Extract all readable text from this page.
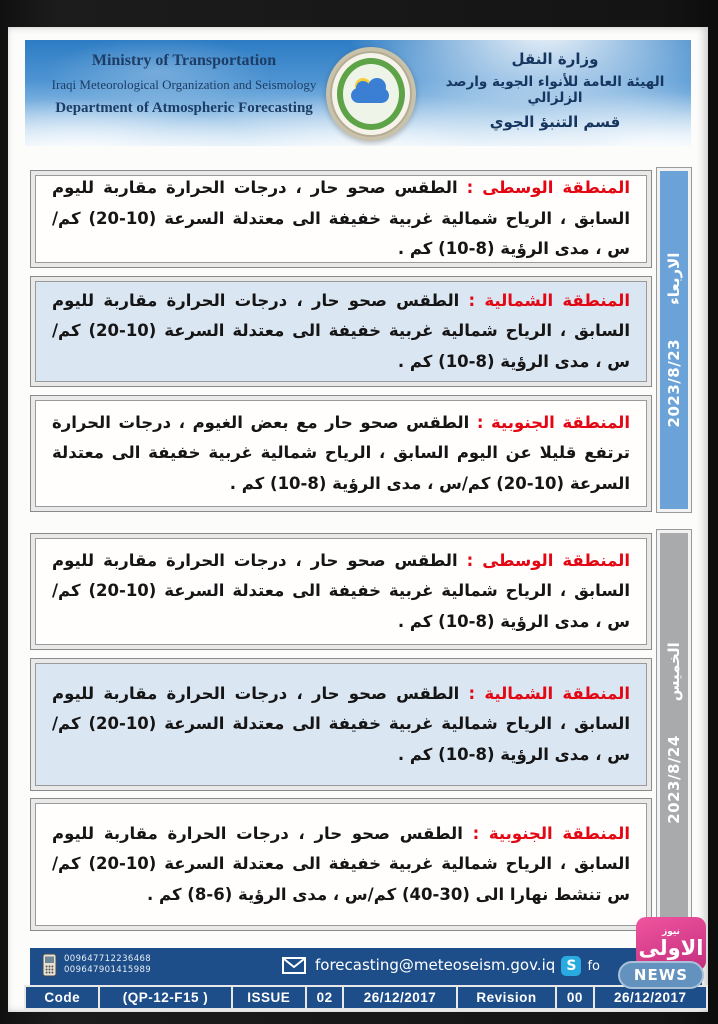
Ministry of Transportation
Iraqi Meteorological Organization and Seismology
Department of Atmospheric Forecasting
وزارة النقل
الهيئة العامة للأنواء الجوية وارصد الزلزالي
قسم التنبؤ الجوي
الاربعاء
2023/8/23

المنطقة الوسطى : الطقس صحو حار ، درجات الحرارة مقاربة لليوم السابق ، الرياح شمالية غربية خفيفة الى معتدلة السرعة (10-20) كم/س ، مدى الرؤية (8-10) كم .

المنطقة الشمالية : الطقس صحو حار ، درجات الحرارة مقاربة لليوم السابق ، الرياح شمالية غربية خفيفة الى معتدلة السرعة (10-20) كم/س ، مدى الرؤية (8-10) كم .

المنطقة الجنوبية : الطقس صحو حار مع بعض الغيوم ، درجات الحرارة ترتفع قليلا عن اليوم السابق ، الرياح شمالية غربية خفيفة الى معتدلة السرعة (10-20) كم/س ، مدى الرؤية (8-10) كم .

الخميس
2023/8/24

المنطقة الوسطى : الطقس صحو حار ، درجات الحرارة مقاربة لليوم السابق ، الرياح شمالية غربية خفيفة الى معتدلة السرعة (10-20) كم/س ، مدى الرؤية (8-10) كم .

المنطقة الشمالية : الطقس صحو حار ، درجات الحرارة مقاربة لليوم السابق ، الرياح شمالية غربية خفيفة الى معتدلة السرعة (10-20) كم/س ، مدى الرؤية (8-10) كم .

المنطقة الجنوبية : الطقس صحو حار ، درجات الحرارة مقاربة لليوم السابق ، الرياح شمالية غربية خفيفة الى معتدلة السرعة (10-20) كم/س تنشط نهارا الى (30-40) كم/س ، مدى الرؤية (6-8) كم .

009647712236468
009647901415989	forecasting@meteoseism.gov.iq S fo
Code	(QP-12-F15 )	ISSUE	02	26/12/2017	Revision	00	26/12/2017
نيوز
الاولى
NEWS
